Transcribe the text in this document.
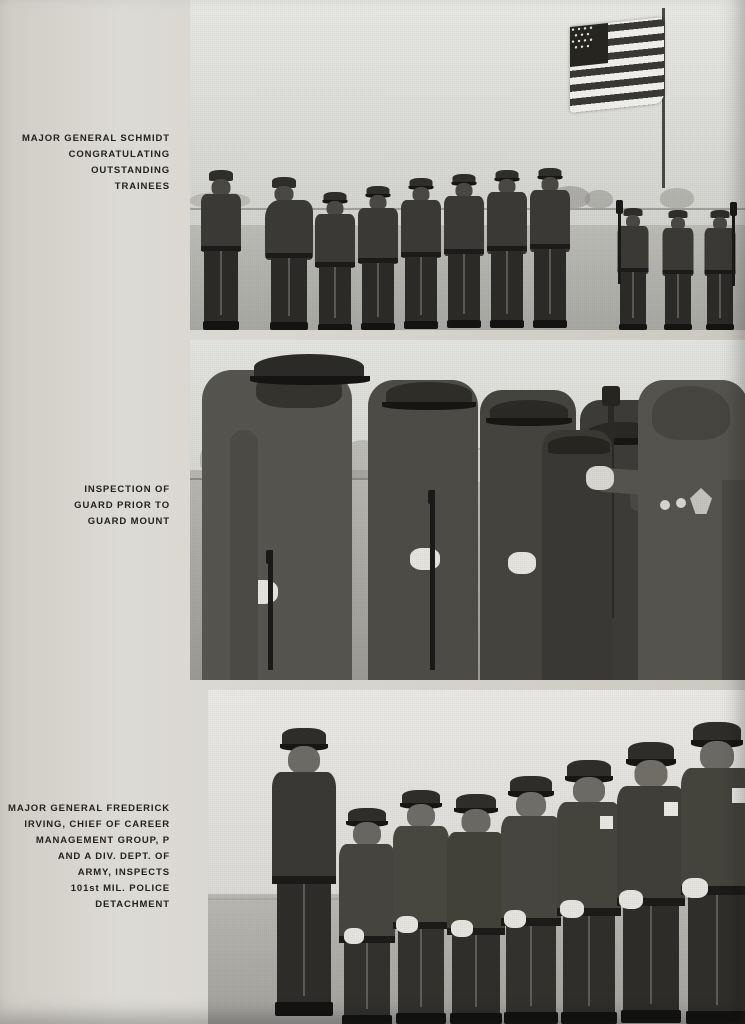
MAJOR GENERAL SCHMIDT
CONGRATULATING
OUTSTANDING
TRAINEES
INSPECTION OF
GUARD PRIOR TO
GUARD MOUNT
MAJOR GENERAL FREDERICK
IRVING, CHIEF OF CAREER
MANAGEMENT GROUP, P
AND A DIV. DEPT. OF
ARMY, INSPECTS
101st MIL. POLICE
DETACHMENT
